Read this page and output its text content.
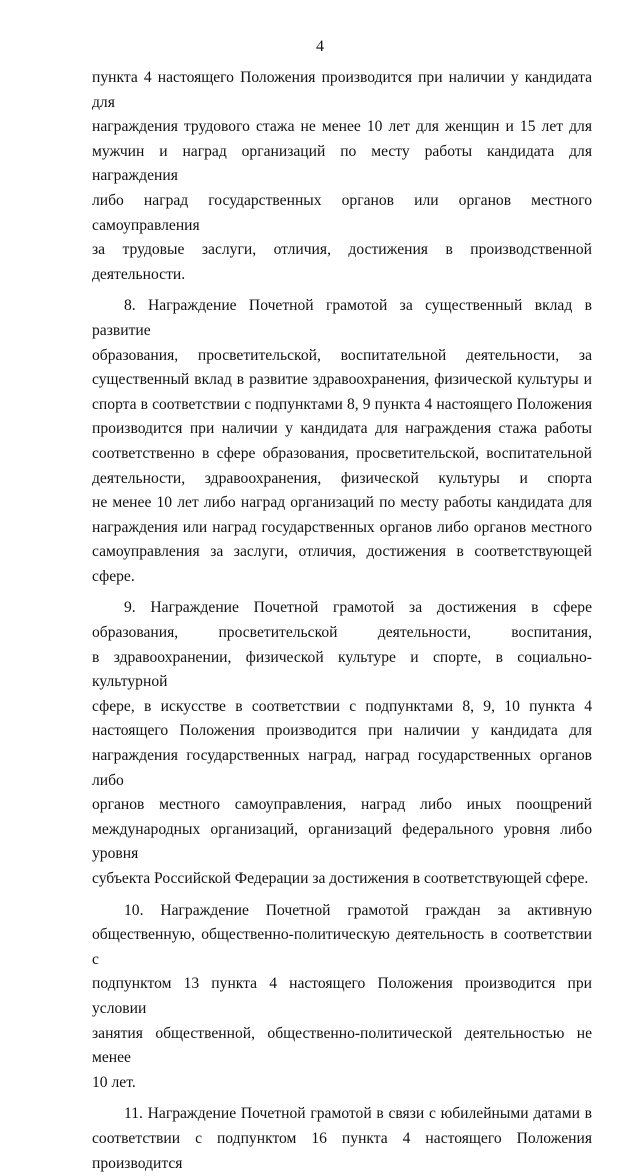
4

пункта 4 настоящего Положения производится при наличии у кандидата для

награждения трудового стажа не менее 10 лет для женщин и 15 лет для

мужчин и наград организаций по месту работы кандидата для награждения

либо наград государственных органов или органов местного самоуправления

за трудовые заслуги, отличия, достижения в производственной деятельности.

8. Награждение Почетной грамотой за существенный вклад в развитие

образования, просветительской, воспитательной деятельности, за

существенный вклад в развитие здравоохранения, физической культуры и

спорта в соответствии с подпунктами 8, 9 пункта 4 настоящего Положения

производится при наличии у кандидата для награждения стажа работы

соответственно в сфере образования, просветительской, воспитательной

деятельности, здравоохранения, физической культуры и спорта

не менее 10 лет либо наград организаций по месту работы кандидата для

награждения или наград государственных органов либо органов местного

самоуправления за заслуги, отличия, достижения в соответствующей сфере.

9. Награждение Почетной грамотой за достижения в сфере

образования, просветительской деятельности, воспитания,

в здравоохранении, физической культуре и спорте, в социально-культурной

сфере, в искусстве в соответствии с подпунктами 8, 9, 10 пункта 4

настоящего Положения производится при наличии у кандидата для

награждения государственных наград, наград государственных органов либо

органов местного самоуправления, наград либо иных поощрений

международных организаций, организаций федерального уровня либо уровня

субъекта Российской Федерации за достижения в соответствующей сфере.

10. Награждение Почетной грамотой граждан за активную

общественную, общественно-политическую деятельность в соответствии с

подпунктом 13 пункта 4 настоящего Положения производится при условии

занятия общественной, общественно-политической деятельностью не менее

10 лет.

11. Награждение Почетной грамотой в связи с юбилейными датами в

соответствии с подпунктом 16 пункта 4 настоящего Положения производится
